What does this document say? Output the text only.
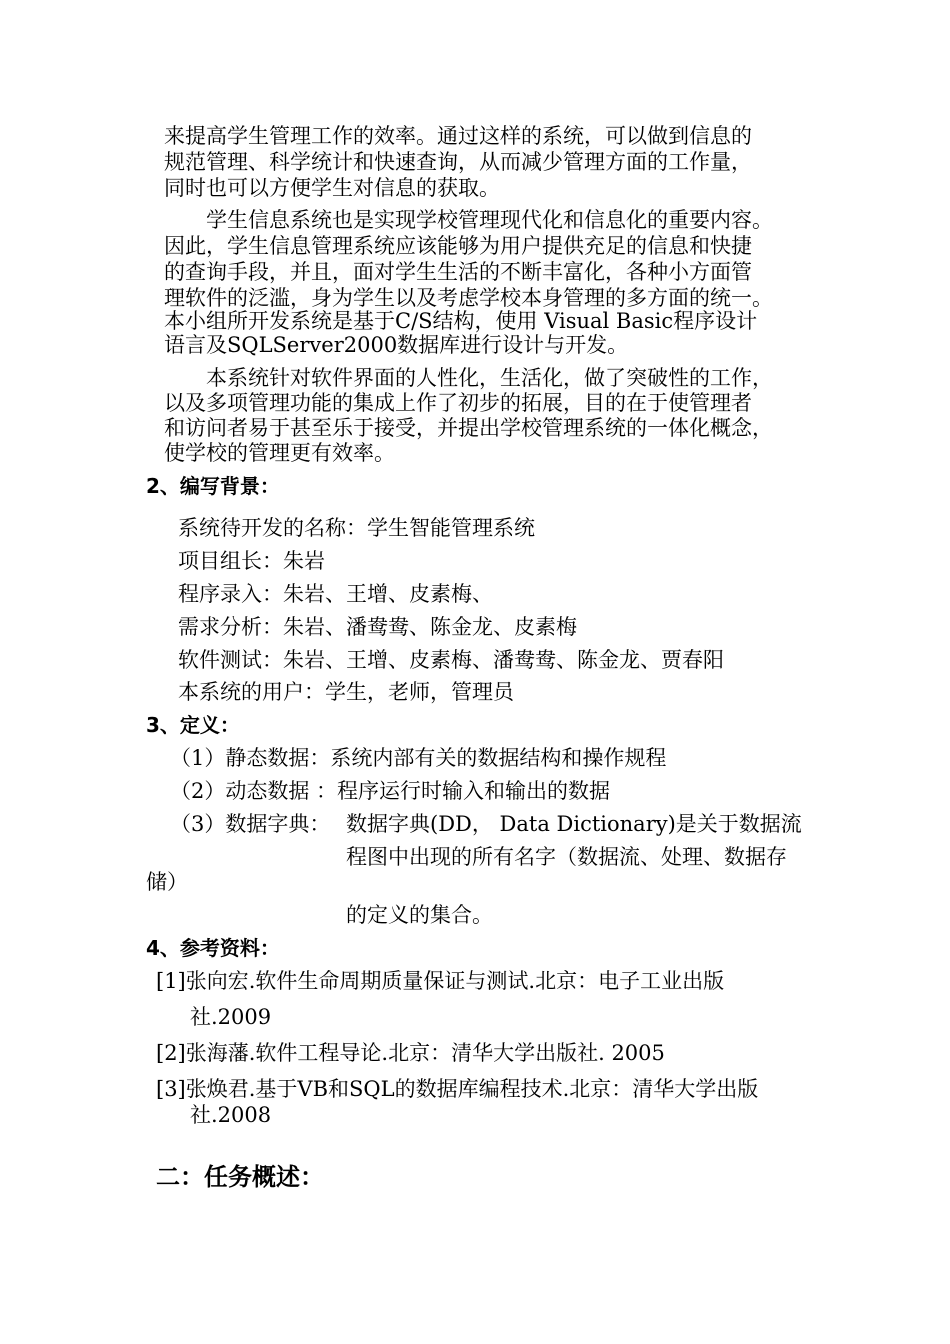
来提高学生管理工作的效率。通过这样的系统，可以做到信息的
规范管理、科学统计和快速查询，从而减少管理方面的工作量，
同时也可以方便学生对信息的获取。
学生信息系统也是实现学校管理现代化和信息化的重要内容。
因此，学生信息管理系统应该能够为用户提供充足的信息和快捷
的查询手段，并且，面对学生生活的不断丰富化，各种小方面管
理软件的泛滥，身为学生以及考虑学校本身管理的多方面的统一。
本小组所开发系统是基于C/S结构，使用 Visual Basic程序设计
语言及SQLServer2000数据库进行设计与开发。
本系统针对软件界面的人性化，生活化，做了突破性的工作，
以及多项管理功能的集成上作了初步的拓展，目的在于使管理者
和访问者易于甚至乐于接受，并提出学校管理系统的一体化概念，
使学校的管理更有效率。
2、编写背景：
系统待开发的名称：学生智能管理系统
项目组长：朱岩
程序录入：朱岩、王增、皮素梅、
需求分析：朱岩、潘鸯鸯、陈金龙、皮素梅
软件测试：朱岩、王增、皮素梅、潘鸯鸯、陈金龙、贾春阳
本系统的用户：学生，老师，管理员
3、定义：
（1）静态数据：系统内部有关的数据结构和操作规程
（2）动态数据 ：程序运行时输入和输出的数据
（3）数据字典： 数据字典(DD， Data Dictionary)是关于数据流
程图中出现的所有名字（数据流、处理、数据存
储）
的定义的集合。
4、参考资料：
[1]张向宏.软件生命周期质量保证与测试.北京：电子工业出版
社.2009
[2]张海藩.软件工程导论.北京：清华大学出版社. 2005
[3]张焕君.基于VB和SQL的数据库编程技术.北京：清华大学出版
社.2008
二：任务概述：
